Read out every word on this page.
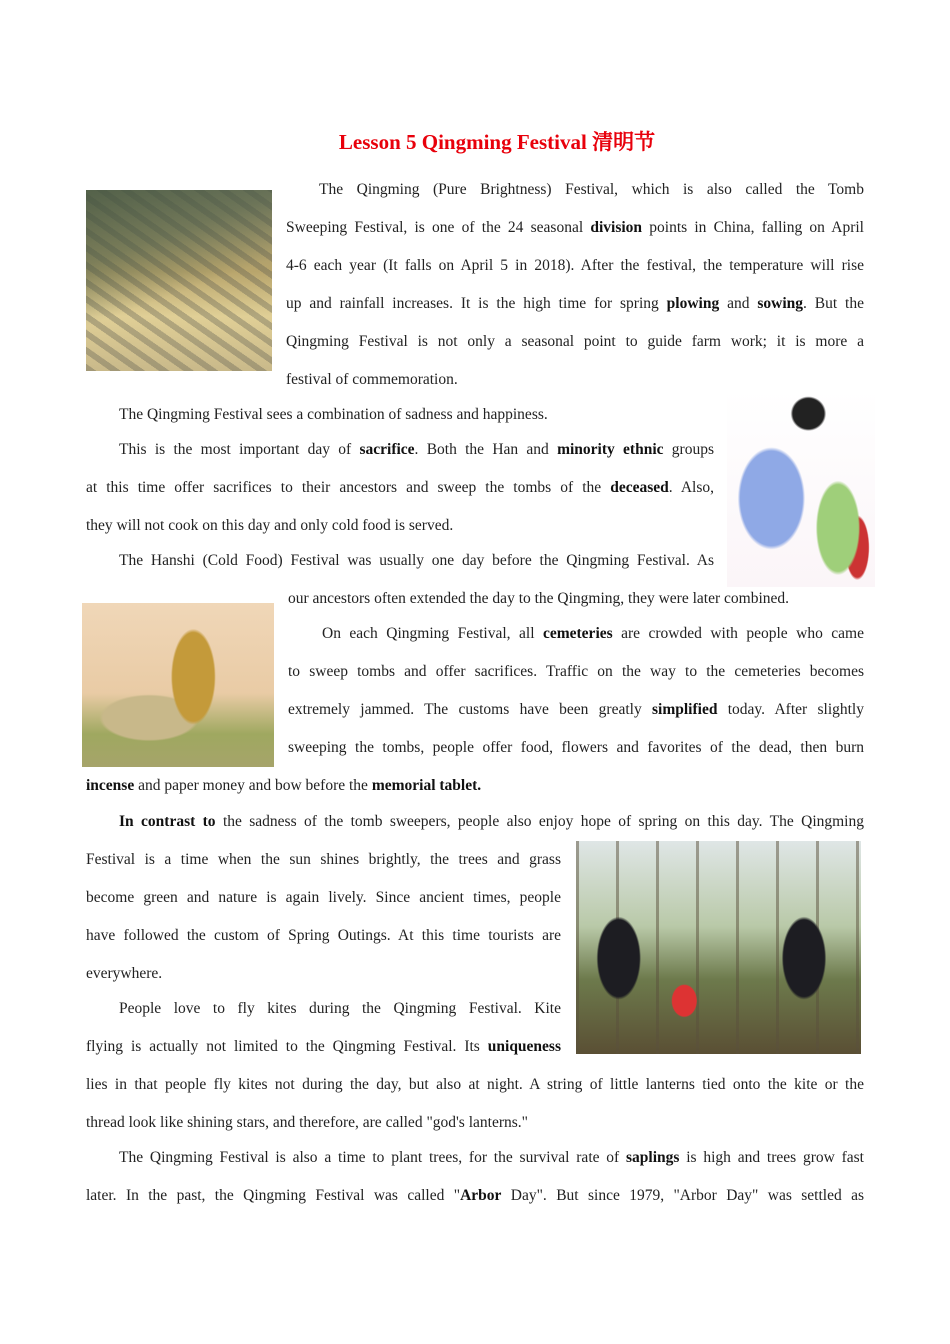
Lesson 5 Qingming Festival 清明节
The Qingming (Pure Brightness) Festival, which is also called the Tomb
Sweeping Festival, is one of the 24 seasonal division points in China, falling on April
4-6 each year (It falls on April 5 in 2018). After the festival, the temperature will rise
up and rainfall increases. It is the high time for spring plowing and sowing. But the
Qingming Festival is not only a seasonal point to guide farm work; it is more a
festival of commemoration.
The Qingming Festival sees a combination of sadness and happiness.
This is the most important day of sacrifice. Both the Han and minority ethnic groups
at this time offer sacrifices to their ancestors and sweep the tombs of the deceased. Also,
they will not cook on this day and only cold food is served.
The Hanshi (Cold Food) Festival was usually one day before the Qingming Festival. As
our ancestors often extended the day to the Qingming, they were later combined.
On each Qingming Festival, all cemeteries are crowded with people who came
to sweep tombs and offer sacrifices. Traffic on the way to the cemeteries becomes
extremely jammed. The customs have been greatly simplified today. After slightly
sweeping the tombs, people offer food, flowers and favorites of the dead, then burn
incense and paper money and bow before the memorial tablet.
In contrast to the sadness of the tomb sweepers, people also enjoy hope of spring on this day. The Qingming
Festival is a time when the sun shines brightly, the trees and grass
become green and nature is again lively. Since ancient times, people
have followed the custom of Spring Outings. At this time tourists are
everywhere.
People love to fly kites during the Qingming Festival. Kite
flying is actually not limited to the Qingming Festival. Its uniqueness
lies in that people fly kites not during the day, but also at night. A string of little lanterns tied onto the kite or the
thread look like shining stars, and therefore, are called "god's lanterns."
The Qingming Festival is also a time to plant trees, for the survival rate of saplings is high and trees grow fast
later. In the past, the Qingming Festival was called "Arbor Day". But since 1979, "Arbor Day" was settled as
